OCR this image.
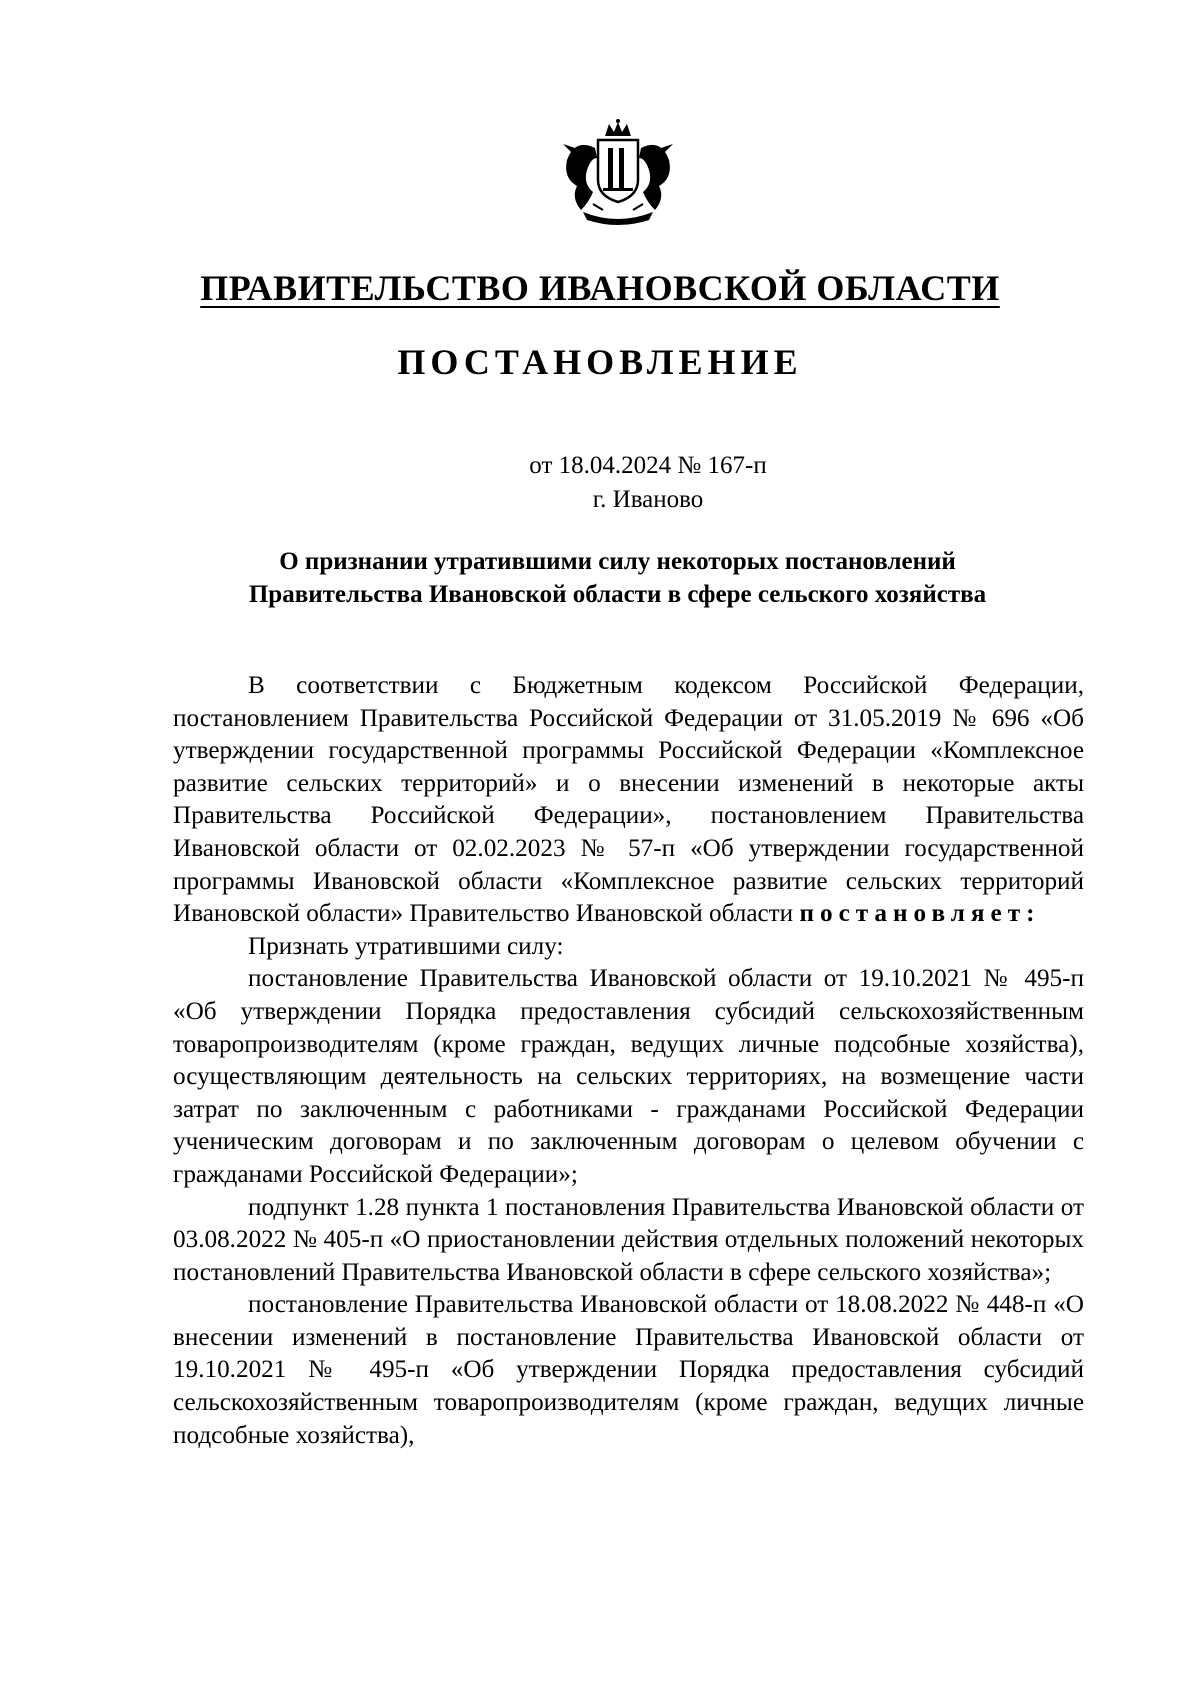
ПРАВИТЕЛЬСТВО ИВАНОВСКОЙ ОБЛАСТИ
ПОСТАНОВЛЕНИЕ
от 18.04.2024 № 167-п
г. Иваново
О признании утратившими силу некоторых постановлений
Правительства Ивановской области в сфере сельского хозяйства

В соответствии с Бюджетным кодексом Российской Федерации, постановлением Правительства Российской Федерации от 31.05.2019 № 696 «Об утверждении государственной программы Российской Федерации «Комплексное развитие сельских территорий» и о внесении изменений в некоторые акты Правительства Российской Федерации», постановлением Правительства Ивановской области от 02.02.2023 № 57-п «Об утверждении государственной программы Ивановской области «Комплексное развитие сельских территорий Ивановской области» Правительство Ивановской области постановляет:

Признать утратившими силу:

постановление Правительства Ивановской области от 19.10.2021 № 495-п «Об утверждении Порядка предоставления субсидий сельскохозяйственным товаропроизводителям (кроме граждан, ведущих личные подсобные хозяйства), осуществляющим деятельность на сельских территориях, на возмещение части затрат по заключенным с работниками - гражданами Российской Федерации ученическим договорам и по заключенным договорам о целевом обучении с гражданами Российской Федерации»;

подпункт 1.28 пункта 1 постановления Правительства Ивановской области от 03.08.2022 № 405-п «О приостановлении действия отдельных положений некоторых постановлений Правительства Ивановской области в сфере сельского хозяйства»;

постановление Правительства Ивановской области от 18.08.2022 № 448-п «О внесении изменений в постановление Правительства Ивановской области от 19.10.2021 № 495-п «Об утверждении Порядка предоставления субсидий сельскохозяйственным товаропроизводителям (кроме граждан, ведущих личные подсобные хозяйства),
